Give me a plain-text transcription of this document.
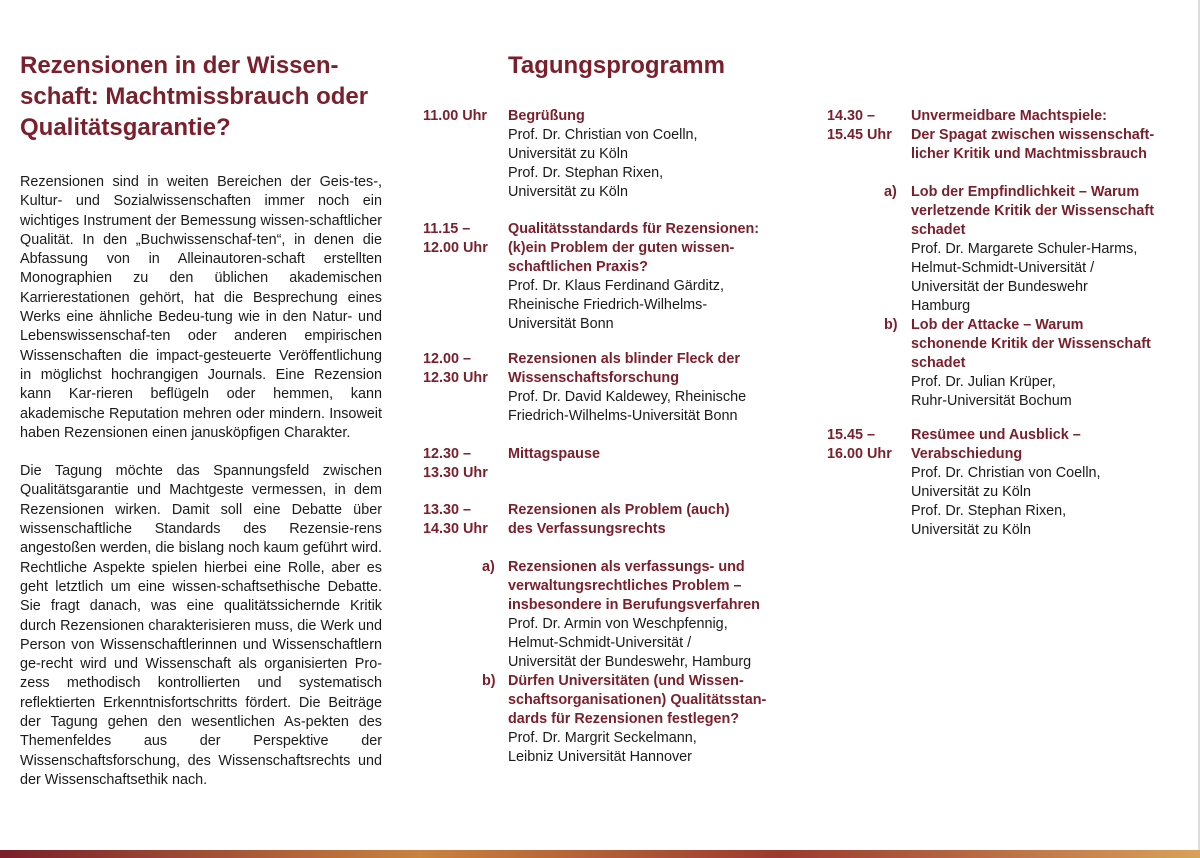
Rezensionen in der Wissen-
schaft: Machtmissbrauch oder
Qualitätsgarantie?

Rezensionen sind in weiten Bereichen der Geis-tes-, Kultur- und Sozialwissenschaften immer noch ein wichtiges Instrument der Bemessung wissen-schaftlicher Qualität. In den „Buchwissenschaf-ten“, in denen die Abfassung von in Alleinautoren-schaft erstellten Monographien zu den üblichen akademischen Karrierestationen gehört, hat die Besprechung eines Werks eine ähnliche Bedeu-tung wie in den Natur- und Lebenswissenschaf-ten oder anderen empirischen Wissenschaften die impact-gesteuerte Veröffentlichung in möglichst hochrangigen Journals. Eine Rezension kann Kar-rieren beflügeln oder hemmen, kann akademische Reputation mehren oder mindern. Insoweit haben Rezensionen einen janusköpfigen Charakter.

Die Tagung möchte das Spannungsfeld zwischen Qualitätsgarantie und Machtgeste vermessen, in dem Rezensionen wirken. Damit soll eine Debatte über wissenschaftliche Standards des Rezensie-rens angestoßen werden, die bislang noch kaum geführt wird. Rechtliche Aspekte spielen hierbei eine Rolle, aber es geht letztlich um eine wissen-schaftsethische Debatte. Sie fragt danach, was eine qualitätssichernde Kritik durch Rezensionen charakterisieren muss, die Werk und Person von Wissenschaftlerinnen und Wissenschaftlern ge-recht wird und Wissenschaft als organisierten Pro-zess methodisch kontrollierten und systematisch reflektierten Erkenntnisfortschritts fördert. Die Beiträge der Tagung gehen den wesentlichen As-pekten des Themenfeldes aus der Perspektive der Wissenschaftsforschung, des Wissenschaftsrechts und der Wissenschaftsethik nach.

Tagungsprogramm
11.00 Uhr Begrüßung
Prof. Dr. Christian von Coelln,
Universität zu Köln
Prof. Dr. Stephan Rixen,
Universität zu Köln
11.15 –
12.00 Uhr
Qualitätsstandards für Rezensionen:
(k)ein Problem der guten wissen-
schaftlichen Praxis?
Prof. Dr. Klaus Ferdinand Gärditz,
Rheinische Friedrich-Wilhelms-
Universität Bonn
12.00 –
12.30 Uhr
Rezensionen als blinder Fleck der
Wissenschaftsforschung
Prof. Dr. David Kaldewey, Rheinische
Friedrich-Wilhelms-Universität Bonn
12.30 –
13.30 Uhr
Mittagspause
13.30 –
14.30 Uhr
Rezensionen als Problem (auch)
des Verfassungsrechts
a) Rezensionen als verfassungs- und
verwaltungsrechtliches Problem –
insbesondere in Berufungsverfahren
Prof. Dr. Armin von Weschpfennig,
Helmut-Schmidt-Universität /
Universität der Bundeswehr, Hamburg
b) Dürfen Universitäten (und Wissen-
schaftsorganisationen) Qualitätsstan-
dards für Rezensionen festlegen?
Prof. Dr. Margrit Seckelmann,
Leibniz Universität Hannover
14.30 –
15.45 Uhr
Unvermeidbare Machtspiele:
Der Spagat zwischen wissenschaft-
licher Kritik und Machtmissbrauch
a) Lob der Empfindlichkeit – Warum
verletzende Kritik der Wissenschaft
schadet
Prof. Dr. Margarete Schuler-Harms,
Helmut-Schmidt-Universität /
Universität der Bundeswehr
Hamburg
b) Lob der Attacke – Warum
schonende Kritik der Wissenschaft
schadet
Prof. Dr. Julian Krüper,
Ruhr-Universität Bochum
15.45 –
16.00 Uhr
Resümee und Ausblick –
Verabschiedung
Prof. Dr. Christian von Coelln,
Universität zu Köln
Prof. Dr. Stephan Rixen,
Universität zu Köln
